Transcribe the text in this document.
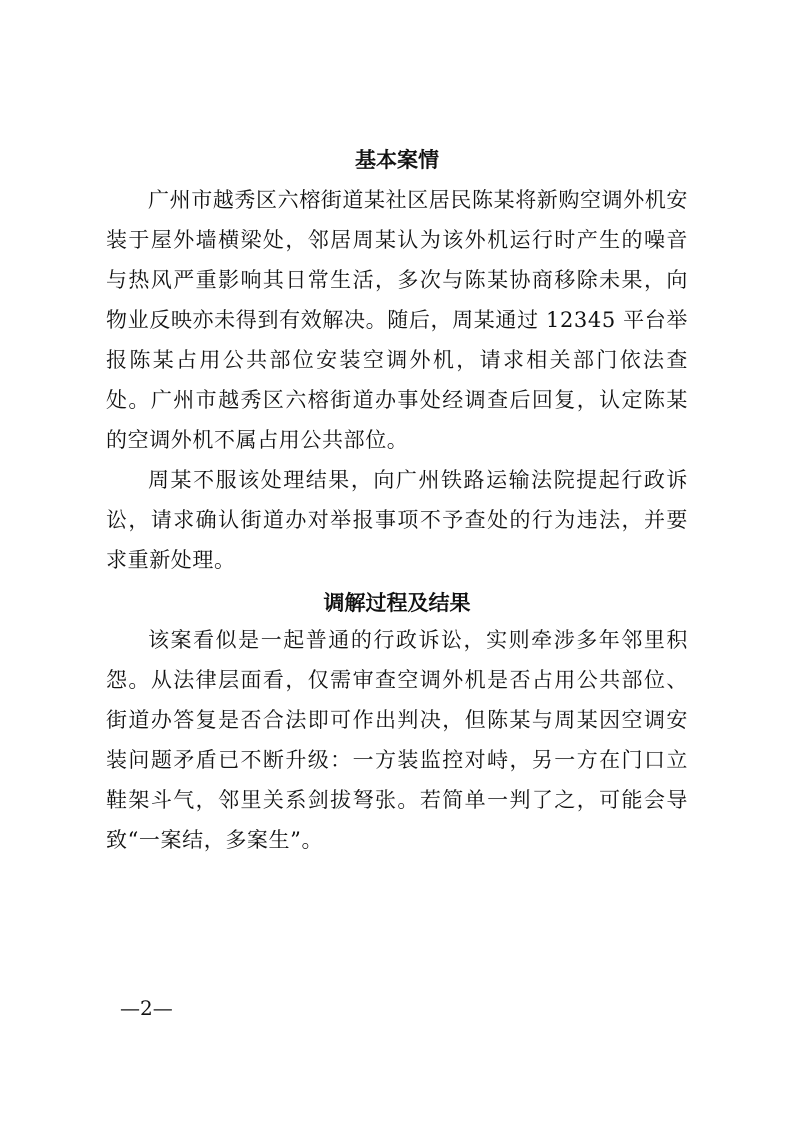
基本案情

广州市越秀区六榕街道某社区居民陈某将新购空调外机安装于屋外墙横梁处，邻居周某认为该外机运行时产生的噪音与热风严重影响其日常生活，多次与陈某协商移除未果，向物业反映亦未得到有效解决。随后，周某通过 12345 平台举报陈某占用公共部位安装空调外机，请求相关部门依法查处。广州市越秀区六榕街道办事处经调查后回复，认定陈某的空调外机不属占用公共部位。

周某不服该处理结果，向广州铁路运输法院提起行政诉讼，请求确认街道办对举报事项不予查处的行为违法，并要求重新处理。

调解过程及结果

该案看似是一起普通的行政诉讼，实则牵涉多年邻里积怨。从法律层面看，仅需审查空调外机是否占用公共部位、街道办答复是否合法即可作出判决，但陈某与周某因空调安装问题矛盾已不断升级：一方装监控对峙，另一方在门口立鞋架斗气，邻里关系剑拔弩张。若简单一判了之，可能会导致“一案结，多案生”。

—2—
